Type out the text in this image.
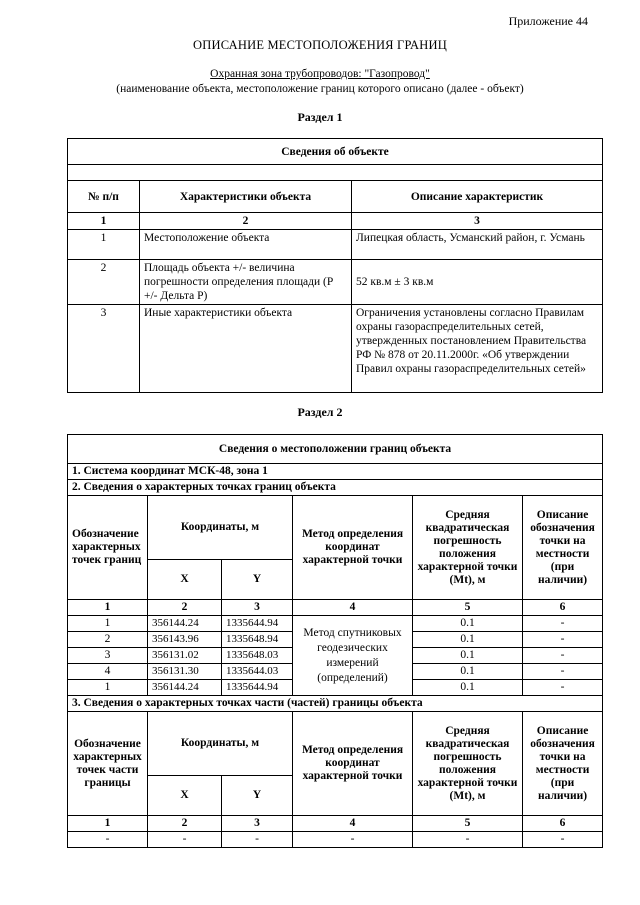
Приложение 44
ОПИСАНИЕ МЕСТОПОЛОЖЕНИЯ ГРАНИЦ
Охранная зона трубопроводов: "Газопровод"
(наименование объекта, местоположение границ которого описано (далее - объект)
Раздел 1
Сведения об объекте		

№ п/п	Характеристики объекта	Описание характеристик
1	2	3
1	Местоположение объекта	Липецкая область, Усманский район, г. Усмань
2	Площадь объекта +/- величина погрешности определения площади (Р +/- Дельта Р)	52 кв.м ± 3 кв.м
3	Иные характеристики объекта	Ограничения установлены согласно Правилам охраны газораспределительных сетей, утвержденных постановлением Правительства РФ № 878 от 20.11.2000г. «Об утверждении Правил охраны газораспределительных сетей»
Раздел 2
Сведения о местоположении границ объекта					
1. Система координат МСК-48, зона 1					
2. Сведения о характерных точках границ объекта					
Обозначение характерных точек границ	Координаты, м		Метод определения координат характерной точки	Средняя квадратическая погрешность положения характерной точки (Mt), м	Описание обозначения точки на местности (при наличии)
	X	Y			
1	2	3	4	5	6
1	356144.24	1335644.94	Метод спутниковых геодезических измерений (определений)	0.1	-
2	356143.96	1335648.94		0.1	-
3	356131.02	1335648.03		0.1	-
4	356131.30	1335644.03		0.1	-
1	356144.24	1335644.94		0.1	-
3. Сведения о характерных точках части (частей) границы объекта					
Обозначение характерных точек части границы	Координаты, м		Метод определения координат характерной точки	Средняя квадратическая погрешность положения характерной точки (Mt), м	Описание обозначения точки на местности (при наличии)
	X	Y			
1	2	3	4	5	6
-	-	-	-	-	-
